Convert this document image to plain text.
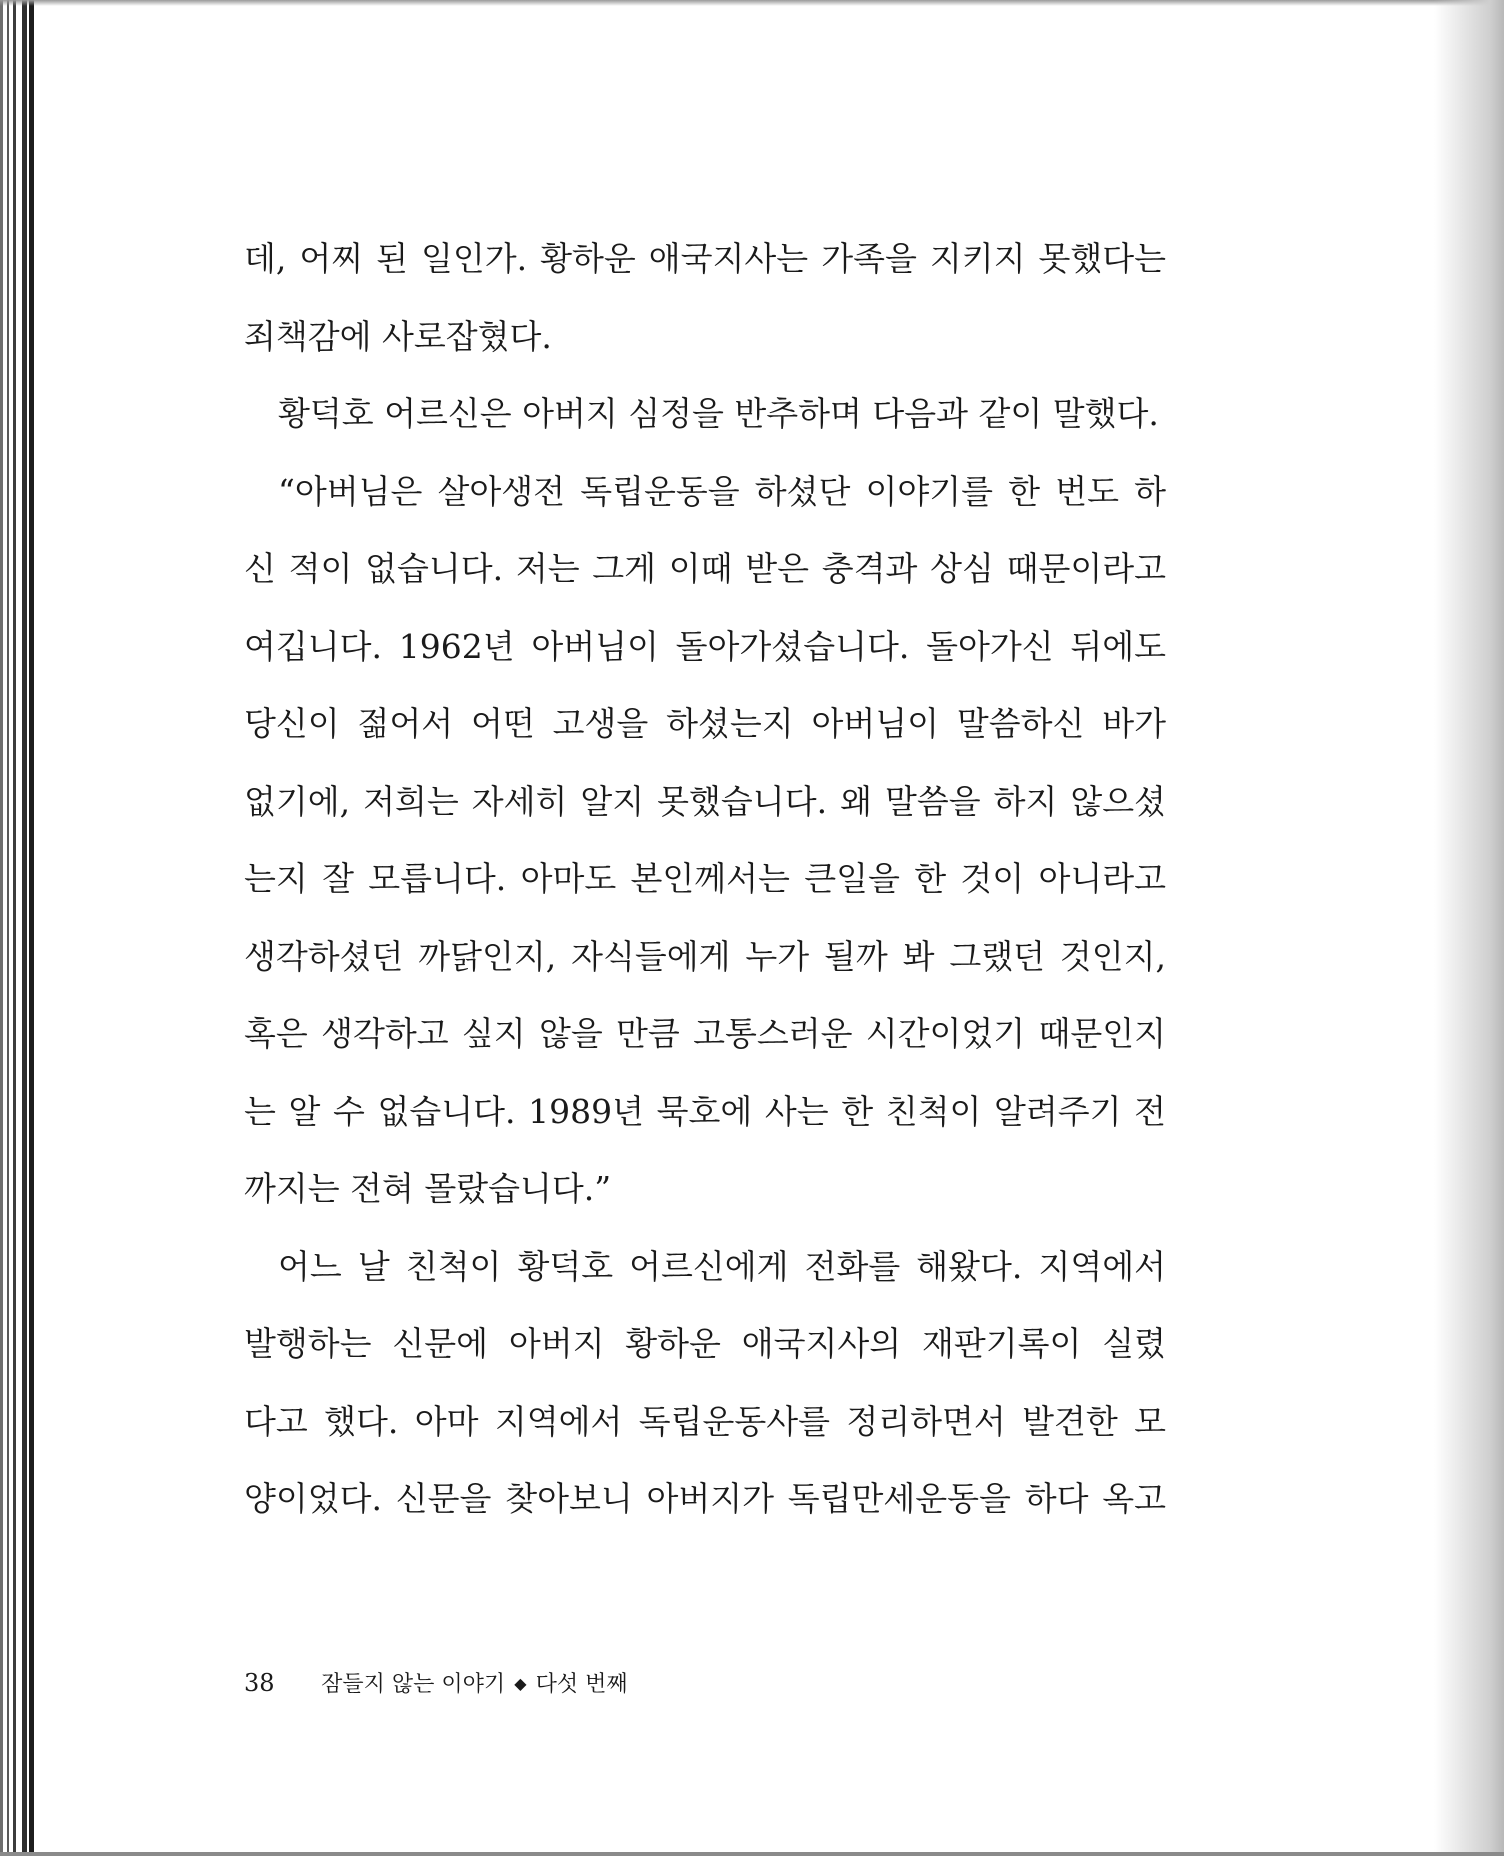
데, 어찌 된 일인가. 황하운 애국지사는 가족을 지키지 못했다는
죄책감에 사로잡혔다.
황덕호 어르신은 아버지 심정을 반추하며 다음과 같이 말했다.
“아버님은 살아생전 독립운동을 하셨단 이야기를 한 번도 하
신 적이 없습니다. 저는 그게 이때 받은 충격과 상심 때문이라고
여깁니다. 1962년 아버님이 돌아가셨습니다. 돌아가신 뒤에도
당신이 젊어서 어떤 고생을 하셨는지 아버님이 말씀하신 바가
없기에, 저희는 자세히 알지 못했습니다. 왜 말씀을 하지 않으셨
는지 잘 모릅니다. 아마도 본인께서는 큰일을 한 것이 아니라고
생각하셨던 까닭인지, 자식들에게 누가 될까 봐 그랬던 것인지,
혹은 생각하고 싶지 않을 만큼 고통스러운 시간이었기 때문인지
는 알 수 없습니다. 1989년 묵호에 사는 한 친척이 알려주기 전
까지는 전혀 몰랐습니다.”
어느 날 친척이 황덕호 어르신에게 전화를 해왔다. 지역에서
발행하는 신문에 아버지 황하운 애국지사의 재판기록이 실렸
다고 했다. 아마 지역에서 독립운동사를 정리하면서 발견한 모
양이었다. 신문을 찾아보니 아버지가 독립만세운동을 하다 옥고
38 잠들지 않는 이야기 ◆ 다섯 번째
